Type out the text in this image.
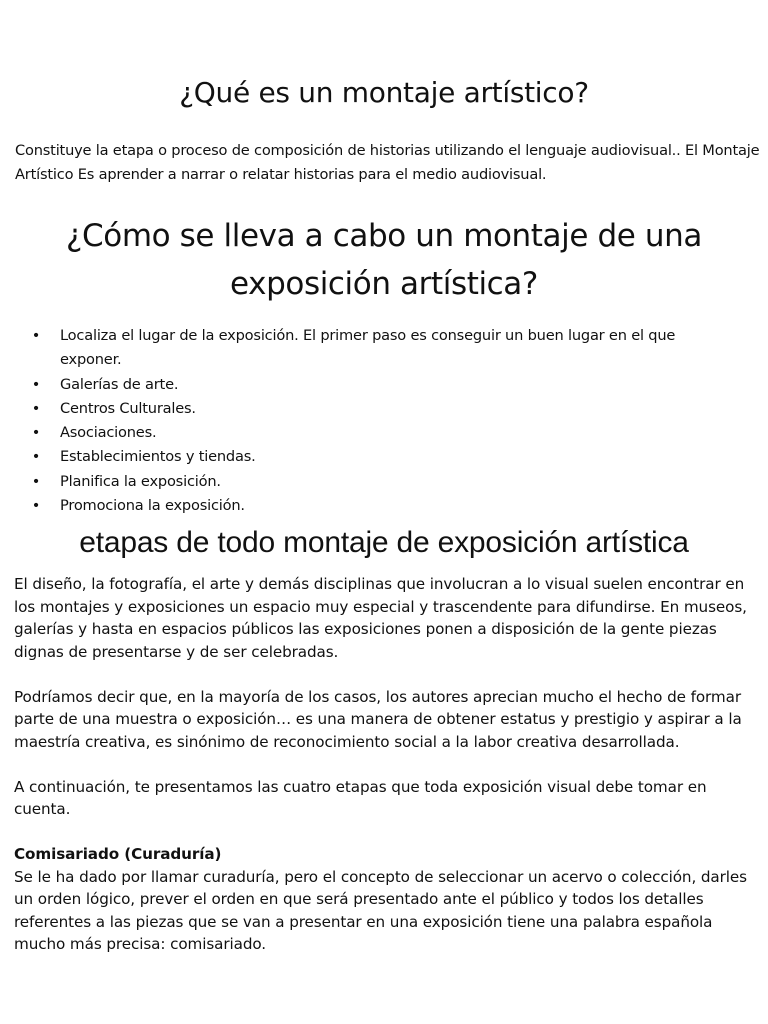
¿Qué es un montaje artístico?

Constituye la etapa o proceso de composición de historias utilizando el lenguaje audiovisual.. El Montaje Artístico Es aprender a narrar o relatar historias para el medio audiovisual.

¿Cómo se lleva a cabo un montaje de una exposición artística?
• Localiza el lugar de la exposición. El primer paso es conseguir un buen lugar en el que exponer.
• Galerías de arte.
• Centros Culturales.
• Asociaciones.
• Establecimientos y tiendas.
• Planifica la exposición.
• Promociona la exposición.
etapas de todo montaje de exposición artística

El diseño, la fotografía, el arte y demás disciplinas que involucran a lo visual suelen encontrar en los montajes y exposiciones un espacio muy especial y trascendente para difundirse. En museos, galerías y hasta en espacios públicos las exposiciones ponen a disposición de la gente piezas dignas de presentarse y de ser celebradas.

Podríamos decir que, en la mayoría de los casos, los autores aprecian mucho el hecho de formar parte de una muestra o exposición… es una manera de obtener estatus y prestigio y aspirar a la maestría creativa, es sinónimo de reconocimiento social a la labor creativa desarrollada.

A continuación, te presentamos las cuatro etapas que toda exposición visual debe tomar en cuenta.

Comisariado (Curaduría)

Se le ha dado por llamar curaduría, pero el concepto de seleccionar un acervo o colección, darles un orden lógico, prever el orden en que será presentado ante el público y todos los detalles referentes a las piezas que se van a presentar en una exposición tiene una palabra española mucho más precisa: comisariado.
